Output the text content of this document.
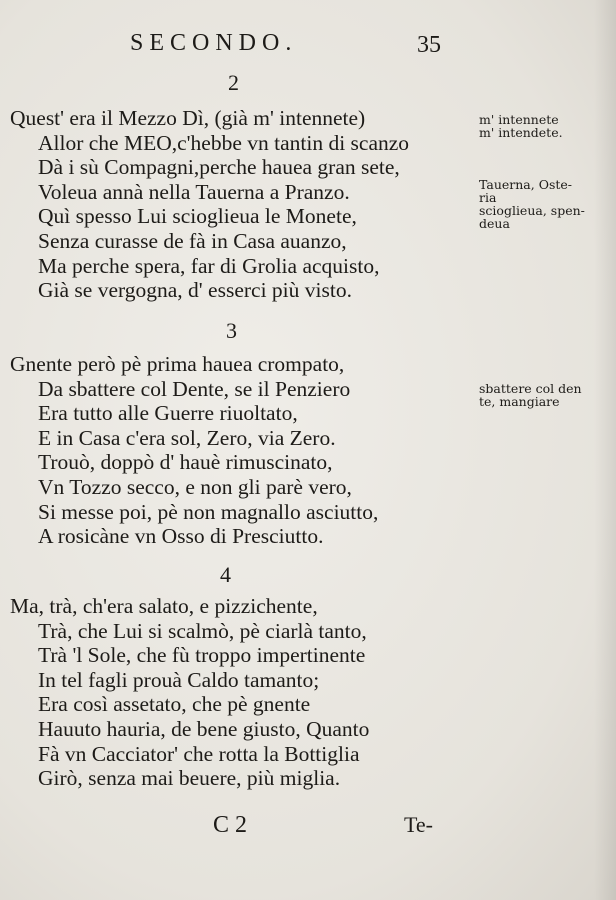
SECONDO.	35
2
Quest' era il Mezzo Dì, (già m' intennete)
Allor che MEO,c'hebbe vn tantin di scanzo
Dà i sù Compagni,perche hauea gran sete,
Voleua annà nella Tauerna a Pranzo.
Quì spesso Lui scioglieua le Monete,
Senza curasse de fà in Casa auanzo,
Ma perche spera, far di Grolia acquisto,
Già se vergogna, d' esserci più visto.
3
Gnente però pè prima hauea crompato,
Da sbattere col Dente, se il Penziero
Era tutto alle Guerre riuoltato,
E in Casa c'era sol, Zero, via Zero.
Trouò, doppò d' hauè rimuscinato,
Vn Tozzo secco, e non gli parè vero,
Si messe poi, pè non magnallo asciutto,
A rosicàne vn Osso di Presciutto.
4
Ma, trà, ch'era salato, e pizzichente,
Trà, che Lui si scalmò, pè ciarlà tanto,
Trà 'l Sole, che fù troppo impertinente
In tel fagli prouà Caldo tamanto;
Era così assetato, che pè gnente
Hauuto hauria, de bene giusto, Quanto
Fà vn Cacciator' che rotta la Bottiglia
Girò, senza mai beuere, più miglia.
m' intennete
m' intendete.
Tauerna, Oste-
ria
scioglieua, spen-
deua
sbattere col den
te, mangiare
C 2	Te-
